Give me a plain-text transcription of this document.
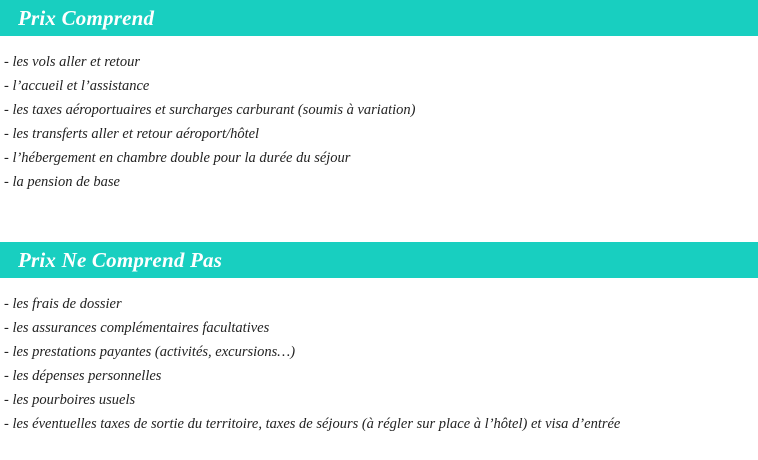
Prix Comprend
- les vols aller et retour
- l’accueil et l’assistance
- les taxes aéroportuaires et surcharges carburant (soumis à variation)
- les transferts aller et retour aéroport/hôtel
- l’hébergement en chambre double pour la durée du séjour
- la pension de base
Prix Ne Comprend Pas
- les frais de dossier
- les assurances complémentaires facultatives
- les prestations payantes (activités, excursions…)
- les dépenses personnelles
- les pourboires usuels
- les éventuelles taxes de sortie du territoire, taxes de séjours (à régler sur place à l’hôtel) et visa d’entrée
